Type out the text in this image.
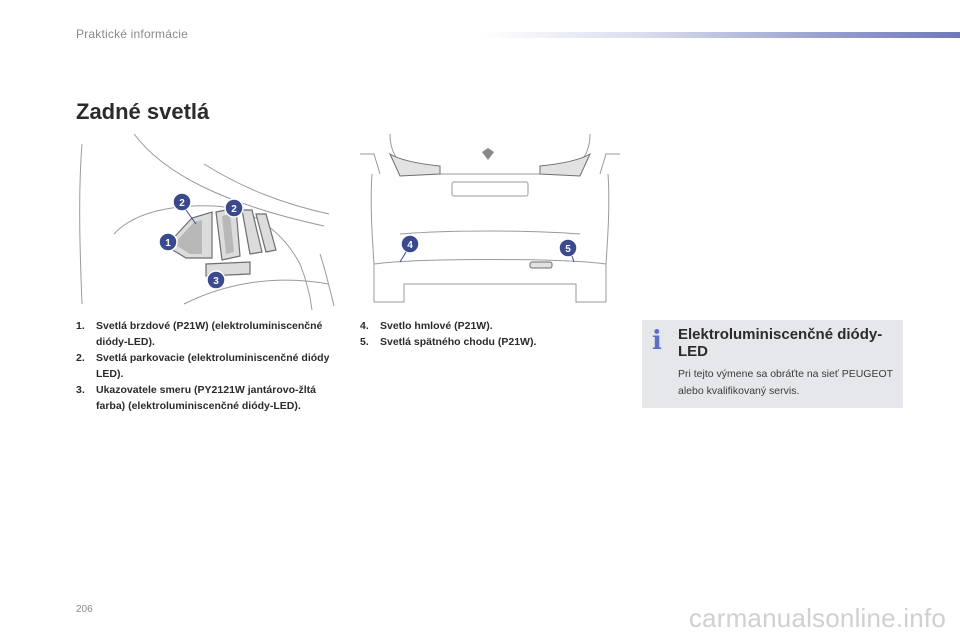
Praktické informácie
Zadné svetlá
2
2
1
3
4	5
1. Svetlá brzdové (P21W) (elektroluminiscenčné diódy-LED).
2. Svetlá parkovacie (elektroluminiscenčné diódy LED).
3. Ukazovatele smeru (PY2121W jantárovo-žltá farba) (elektroluminiscenčné diódy-LED).
4. Svetlo hmlové (P21W).
5. Svetlá spätného chodu (P21W).	i Elektroluminiscenčné diódy-LED

Pri tejto výmene sa obráťte na sieť PEUGEOT alebo kvalifikovaný servis.

206	carmanualsonline.info
